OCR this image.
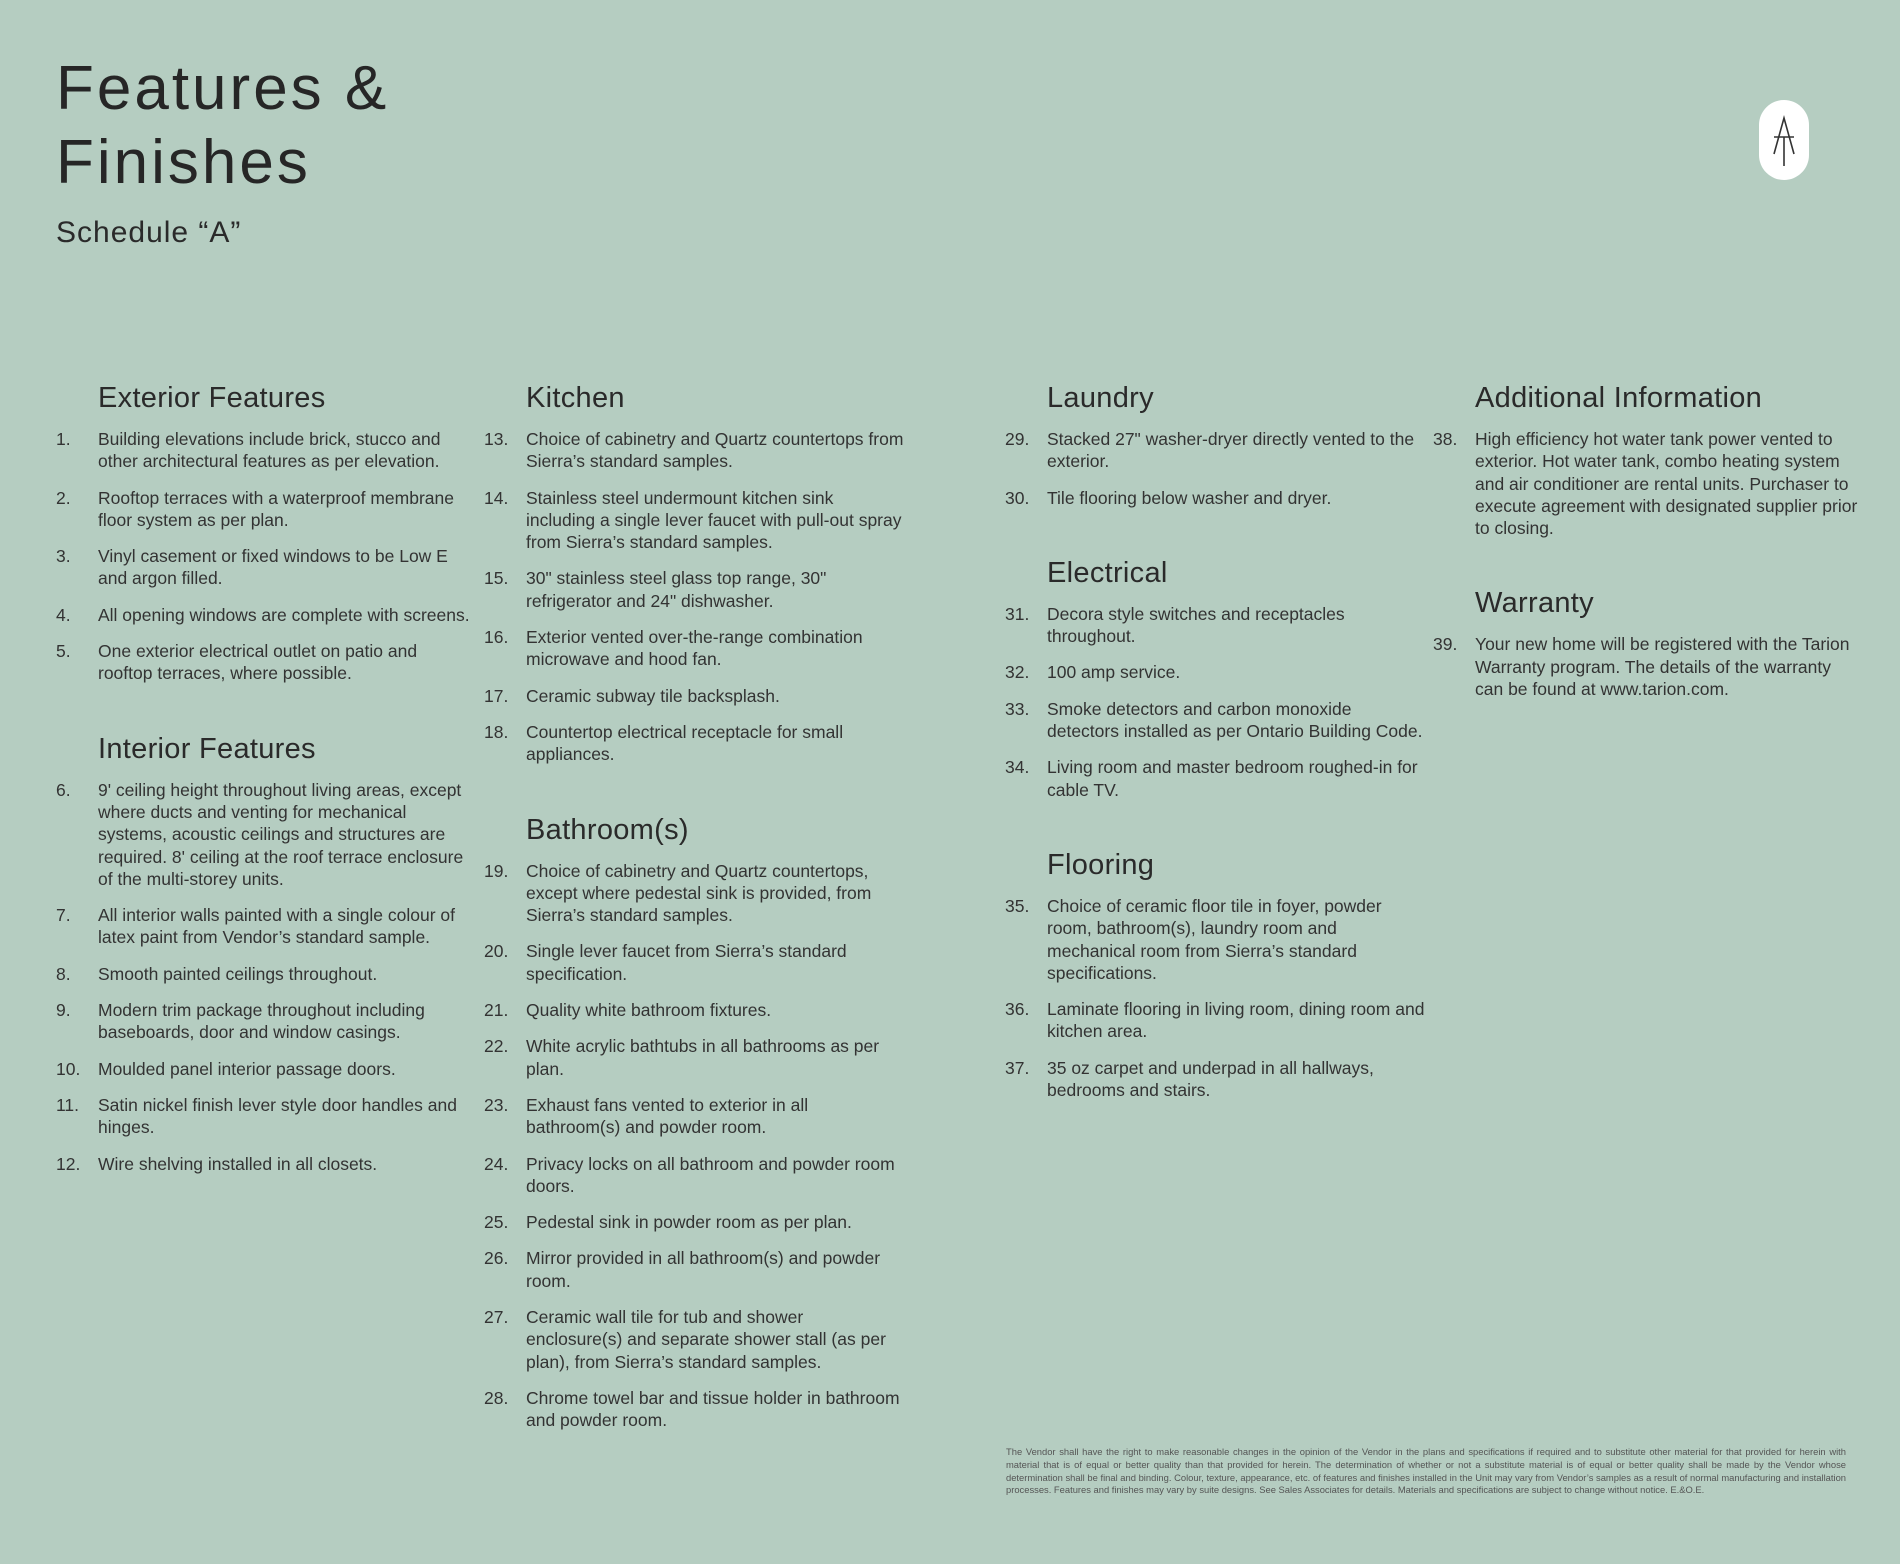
Features &
Finishes
Schedule “A”
Exterior Features
1. Building elevations include brick, stucco and other architectural features as per elevation.
2. Rooftop terraces with a waterproof membrane floor system as per plan.
3. Vinyl casement or fixed windows to be Low E and argon filled.
4. All opening windows are complete with screens.
5. One exterior electrical outlet on patio and rooftop terraces, where possible.
Interior Features
6. 9' ceiling height throughout living areas, except where ducts and venting for mechanical systems, acoustic ceilings and structures are required. 8' ceiling at the roof terrace enclosure of the multi-storey units.
7. All interior walls painted with a single colour of latex paint from Vendor’s standard sample.
8. Smooth painted ceilings throughout.
9. Modern trim package throughout including baseboards, door and window casings.
10. Moulded panel interior passage doors.
11. Satin nickel finish lever style door handles and hinges.
12. Wire shelving installed in all closets.
Kitchen
13. Choice of cabinetry and Quartz countertops from Sierra’s standard samples.
14. Stainless steel undermount kitchen sink including a single lever faucet with pull-out spray from Sierra’s standard samples.
15. 30" stainless steel glass top range, 30" refrigerator and 24" dishwasher.
16. Exterior vented over-the-range combination microwave and hood fan.
17. Ceramic subway tile backsplash.
18. Countertop electrical receptacle for small appliances.
Bathroom(s)
19. Choice of cabinetry and Quartz countertops, except where pedestal sink is provided, from Sierra’s standard samples.
20. Single lever faucet from Sierra’s standard specification.
21. Quality white bathroom fixtures.
22. White acrylic bathtubs in all bathrooms as per plan.
23. Exhaust fans vented to exterior in all bathroom(s) and powder room.
24. Privacy locks on all bathroom and powder room doors.
25. Pedestal sink in powder room as per plan.
26. Mirror provided in all bathroom(s) and powder room.
27. Ceramic wall tile for tub and shower enclosure(s) and separate shower stall (as per plan), from Sierra’s standard samples.
28. Chrome towel bar and tissue holder in bathroom and powder room.
Laundry
29. Stacked 27" washer-dryer directly vented to the exterior.
30. Tile flooring below washer and dryer.
Electrical
31. Decora style switches and receptacles throughout.
32. 100 amp service.
33. Smoke detectors and carbon monoxide detectors installed as per Ontario Building Code.
34. Living room and master bedroom roughed-in for cable TV.
Flooring
35. Choice of ceramic floor tile in foyer, powder room, bathroom(s), laundry room and mechanical room from Sierra’s standard specifications.
36. Laminate flooring in living room, dining room and kitchen area.
37. 35 oz carpet and underpad in all hallways, bedrooms and stairs.
Additional Information
38. High efficiency hot water tank power vented to exterior. Hot water tank, combo heating system and air conditioner are rental units. Purchaser to execute agreement with designated supplier prior to closing.
Warranty
39. Your new home will be registered with the Tarion Warranty program. The details of the warranty can be found at www.tarion.com.

The Vendor shall have the right to make reasonable changes in the opinion of the Vendor in the plans and specifications if required and to substitute other material for that provided for herein with material that is of equal or better quality than that provided for herein. The determination of whether or not a substitute material is of equal or better quality shall be made by the Vendor whose determination shall be final and binding. Colour, texture, appearance, etc. of features and finishes installed in the Unit may vary from Vendor’s samples as a result of normal manufacturing and installation processes. Features and finishes may vary by suite designs. See Sales Associates for details. Materials and specifications are subject to change without notice. E.&O.E.
